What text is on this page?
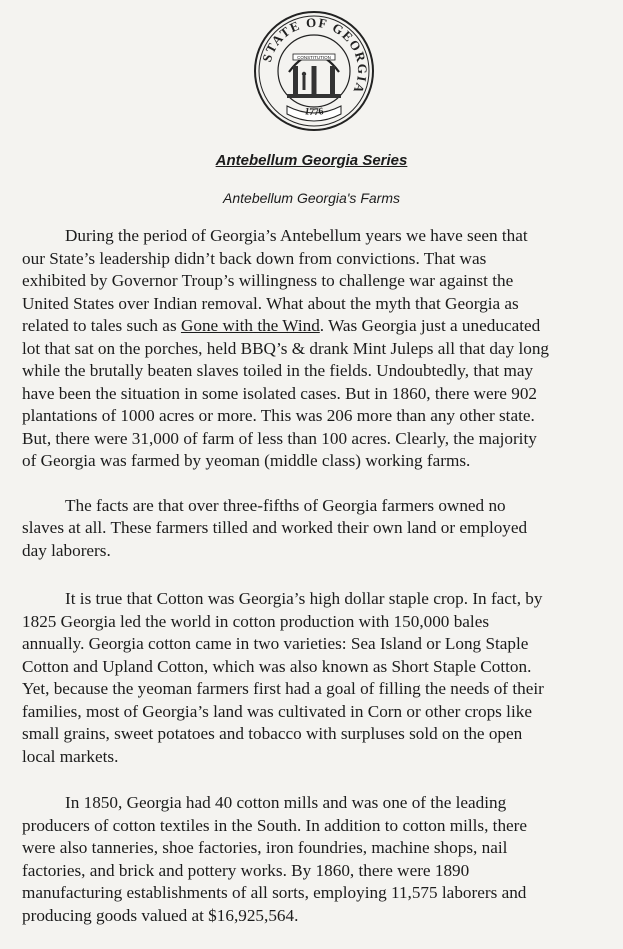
STATE OF GEORGIA
CONSTITUTION
1776
Antebellum Georgia Series
Antebellum Georgia's Farms

During the period of Georgia’s Antebellum years we have seen that
our State’s leadership didn’t back down from convictions. That was
exhibited by Governor Troup’s willingness to challenge war against the
United States over Indian removal. What about the myth that Georgia as
related to tales such as Gone with the Wind. Was Georgia just a uneducated
lot that sat on the porches, held BBQ’s & drank Mint Juleps all that day long
while the brutally beaten slaves toiled in the fields. Undoubtedly, that may
have been the situation in some isolated cases. But in 1860, there were 902
plantations of 1000 acres or more. This was 206 more than any other state.
But, there were 31,000 of farm of less than 100 acres. Clearly, the majority
of Georgia was farmed by yeoman (middle class) working farms.

The facts are that over three-fifths of Georgia farmers owned no
slaves at all. These farmers tilled and worked their own land or employed
day laborers.

It is true that Cotton was Georgia’s high dollar staple crop. In fact, by
1825 Georgia led the world in cotton production with 150,000 bales
annually. Georgia cotton came in two varieties: Sea Island or Long Staple
Cotton and Upland Cotton, which was also known as Short Staple Cotton.
Yet, because the yeoman farmers first had a goal of filling the needs of their
families, most of Georgia’s land was cultivated in Corn or other crops like
small grains, sweet potatoes and tobacco with surpluses sold on the open
local markets.

In 1850, Georgia had 40 cotton mills and was one of the leading
producers of cotton textiles in the South. In addition to cotton mills, there
were also tanneries, shoe factories, iron foundries, machine shops, nail
factories, and brick and pottery works. By 1860, there were 1890
manufacturing establishments of all sorts, employing 11,575 laborers and
producing goods valued at $16,925,564.
